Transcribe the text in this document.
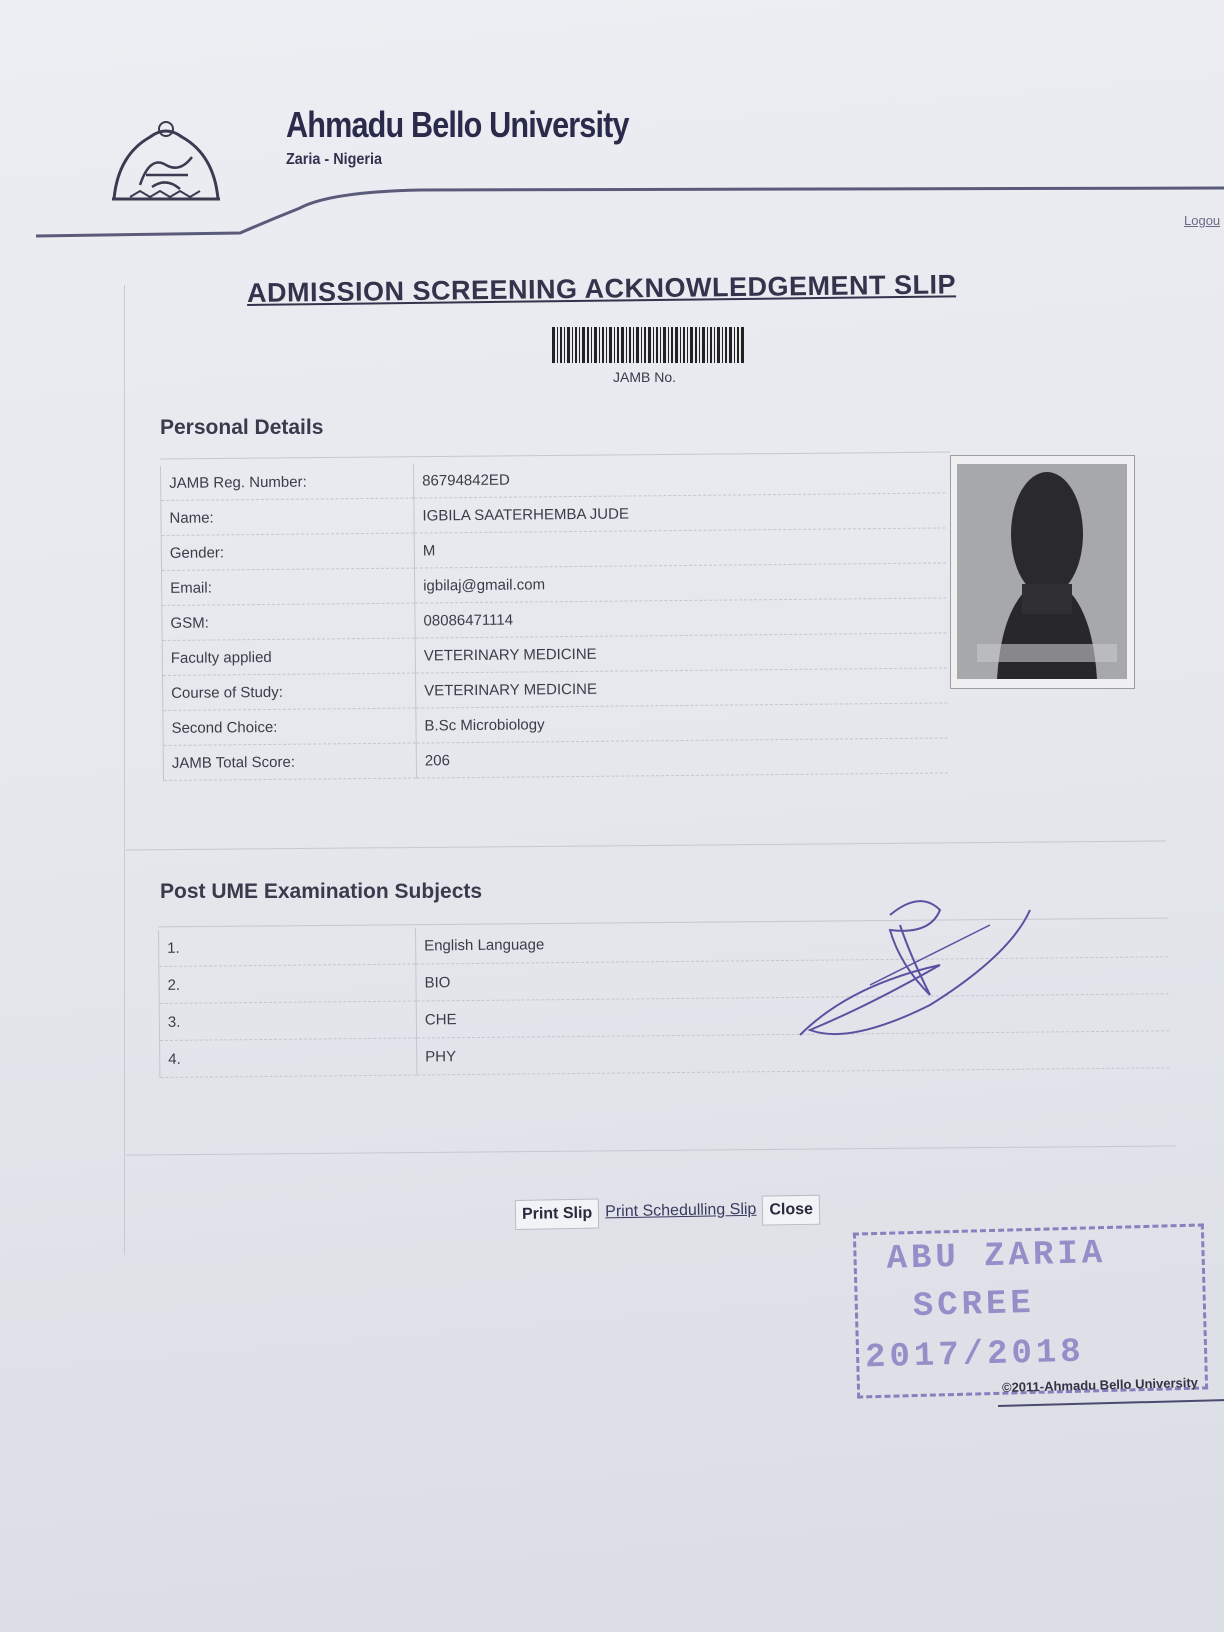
Ahmadu Bello University
Zaria - Nigeria
Logou
ADMISSION SCREENING ACKNOWLEDGEMENT SLIP
JAMB No.
Personal Details
JAMB Reg. Number:	86794842ED
Name:	IGBILA SAATERHEMBA JUDE
Gender:	M
Email:	igbilaj@gmail.com
GSM:	08086471114
Faculty applied	VETERINARY MEDICINE
Course of Study:	VETERINARY MEDICINE
Second Choice:	B.Sc Microbiology
JAMB Total Score:	206
Post UME Examination Subjects
1.	English Language
2.	BIO
3.	CHE
4.	PHY
Print Slip Print Schedulling Slip Close
ABU ZARIA
SCREE
2017/2018
©2011-Ahmadu Bello University
